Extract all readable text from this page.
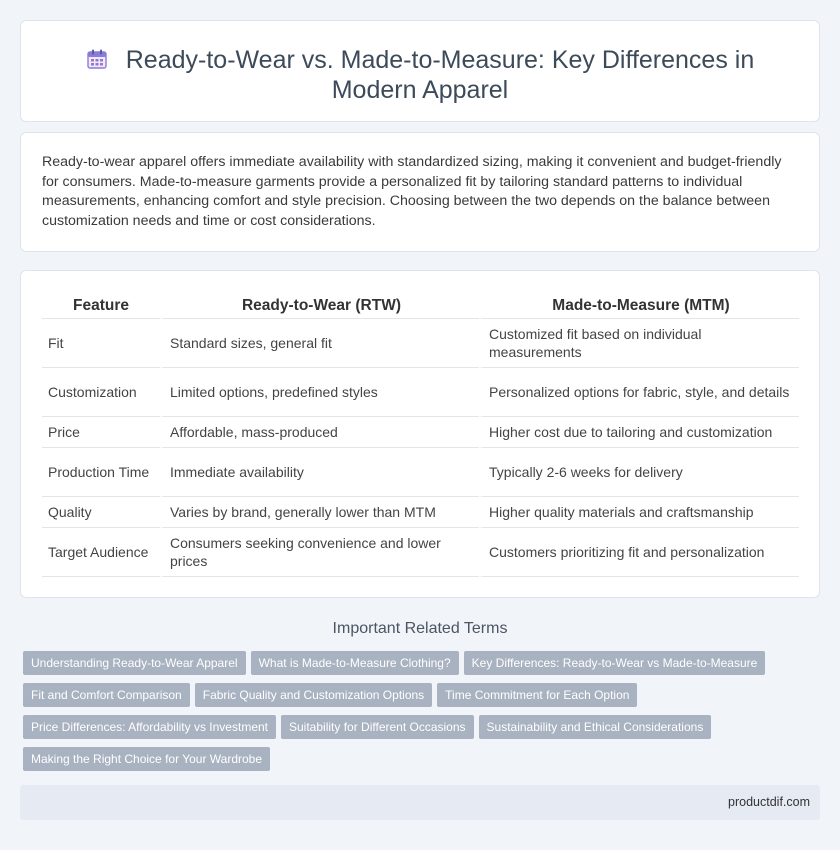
Ready-to-Wear vs. Made-to-Measure: Key Differences in Modern Apparel

Ready-to-wear apparel offers immediate availability with standardized sizing, making it convenient and budget-friendly for consumers. Made-to-measure garments provide a personalized fit by tailoring standard patterns to individual measurements, enhancing comfort and style precision. Choosing between the two depends on the balance between customization needs and time or cost considerations.

Feature	Ready-to-Wear (RTW)	Made-to-Measure (MTM)
Fit	Standard sizes, general fit	Customized fit based on individual measurements
Customization	Limited options, predefined styles	Personalized options for fabric, style, and details
Price	Affordable, mass-produced	Higher cost due to tailoring and customization
Production Time	Immediate availability	Typically 2-6 weeks for delivery
Quality	Varies by brand, generally lower than MTM	Higher quality materials and craftsmanship
Target Audience	Consumers seeking convenience and lower prices	Customers prioritizing fit and personalization
Important Related Terms
Understanding Ready-to-Wear Apparel What is Made-to-Measure Clothing? Key Differences: Ready-to-Wear vs Made-to-Measure
Fit and Comfort Comparison Fabric Quality and Customization Options Time Commitment for Each Option
Price Differences: Affordability vs Investment Suitability for Different Occasions Sustainability and Ethical Considerations
Making the Right Choice for Your Wardrobe
productdif.com
